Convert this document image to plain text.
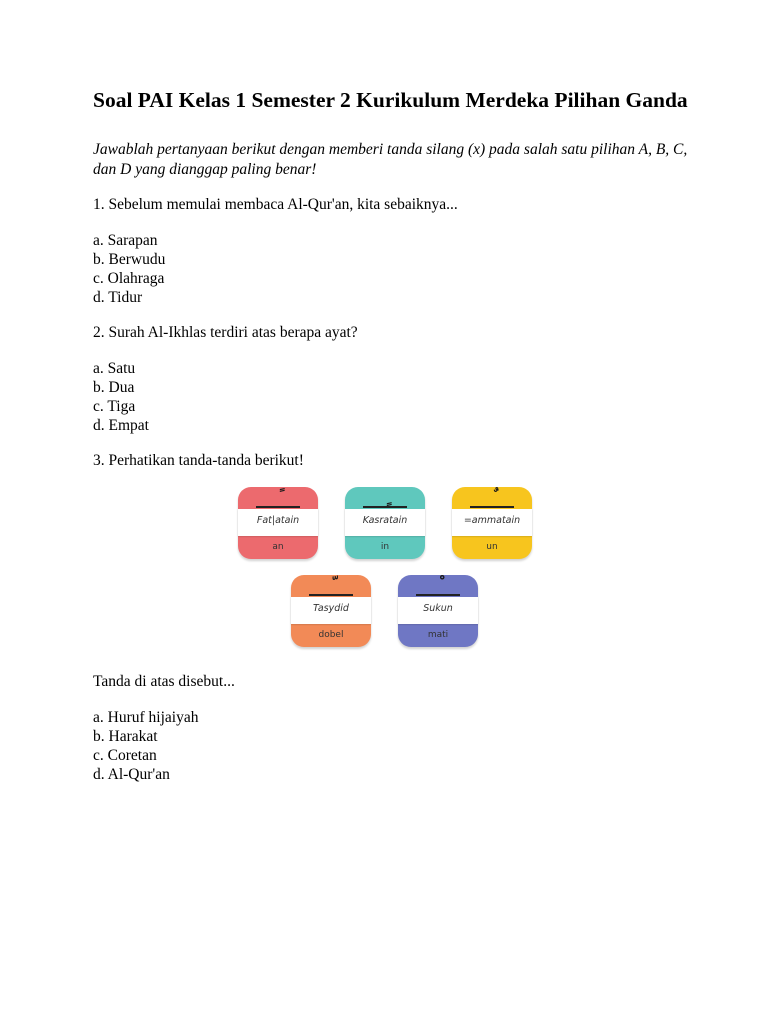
Soal PAI Kelas 1 Semester 2 Kurikulum Merdeka Pilihan Ganda

Jawablah pertanyaan berikut dengan memberi tanda silang (x) pada salah satu pilihan A, B, C, dan D yang dianggap paling benar!

1. Sebelum memulai membaca Al-Qur'an, kita sebaiknya...

a. Sarapan
b. Berwudu
c. Olahraga
d. Tidur

2. Surah Al-Ikhlas terdiri atas berapa ayat?

a. Satu
b. Dua
c. Tiga
d. Empat

3. Perhatikan tanda-tanda berikut!

Fat|atain
an
Kasratain
in
=ammatain
un
Tasydid
dobel
Sukun
mati

Tanda di atas disebut...

a. Huruf hijaiyah
b. Harakat
c. Coretan
d. Al-Qur'an
